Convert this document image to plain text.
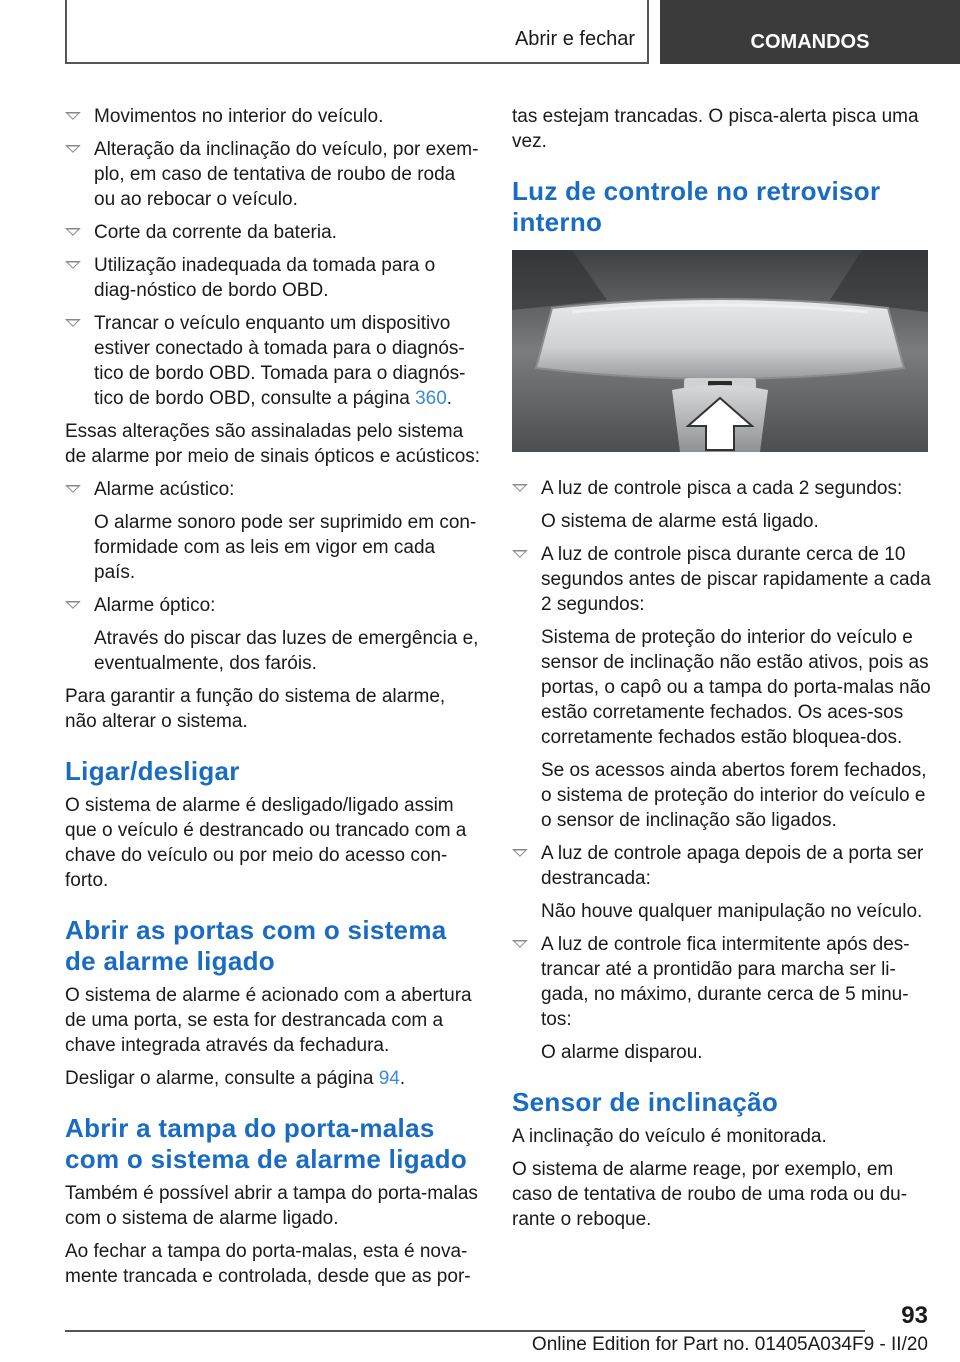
Abrir e fechar	COMANDOS
Movimentos no interior do veículo.
Alteração da inclinação do veículo, por exem-plo, em caso de tentativa de roubo de roda ou ao rebocar o veículo.
Corte da corrente da bateria.
Utilização inadequada da tomada para o diag-nóstico de bordo OBD.
Trancar o veículo enquanto um dispositivo estiver conectado à tomada para o diagnós-tico de bordo OBD. Tomada para o diagnós-tico de bordo OBD, consulte a página 360.

Essas alterações são assinaladas pelo sistema de alarme por meio de sinais ópticos e acústicos:

Alarme acústico:

O alarme sonoro pode ser suprimido em con-formidade com as leis em vigor em cada país.

Alarme óptico:

Através do piscar das luzes de emergência e, eventualmente, dos faróis.

Para garantir a função do sistema de alarme, não alterar o sistema.

Ligar/desligar

O sistema de alarme é desligado/ligado assim que o veículo é destrancado ou trancado com a chave do veículo ou por meio do acesso con-forto.

Abrir as portas com o sistema de alarme ligado

O sistema de alarme é acionado com a abertura de uma porta, se esta for destrancada com a chave integrada através da fechadura.

Desligar o alarme, consulte a página 94.

Abrir a tampa do porta-malas com o sistema de alarme ligado

Também é possível abrir a tampa do porta-malas com o sistema de alarme ligado.

Ao fechar a tampa do porta-malas, esta é nova-mente trancada e controlada, desde que as por-

tas estejam trancadas. O pisca-alerta pisca uma vez.

Luz de controle no retrovisor interno
A luz de controle pisca a cada 2 segundos:

O sistema de alarme está ligado.

A luz de controle pisca durante cerca de 10 segundos antes de piscar rapidamente a cada 2 segundos:

Sistema de proteção do interior do veículo e sensor de inclinação não estão ativos, pois as portas, o capô ou a tampa do porta-malas não estão corretamente fechados. Os aces-sos corretamente fechados estão bloquea-dos.

Se os acessos ainda abertos forem fechados, o sistema de proteção do interior do veículo e o sensor de inclinação são ligados.

A luz de controle apaga depois de a porta ser destrancada:

Não houve qualquer manipulação no veículo.

A luz de controle fica intermitente após des-trancar até a prontidão para marcha ser li-gada, no máximo, durante cerca de 5 minu-tos:

O alarme disparou.

Sensor de inclinação

A inclinação do veículo é monitorada.

O sistema de alarme reage, por exemplo, em caso de tentativa de roubo de uma roda ou du-rante o reboque.

93
Online Edition for Part no. 01405A034F9 - II/20
